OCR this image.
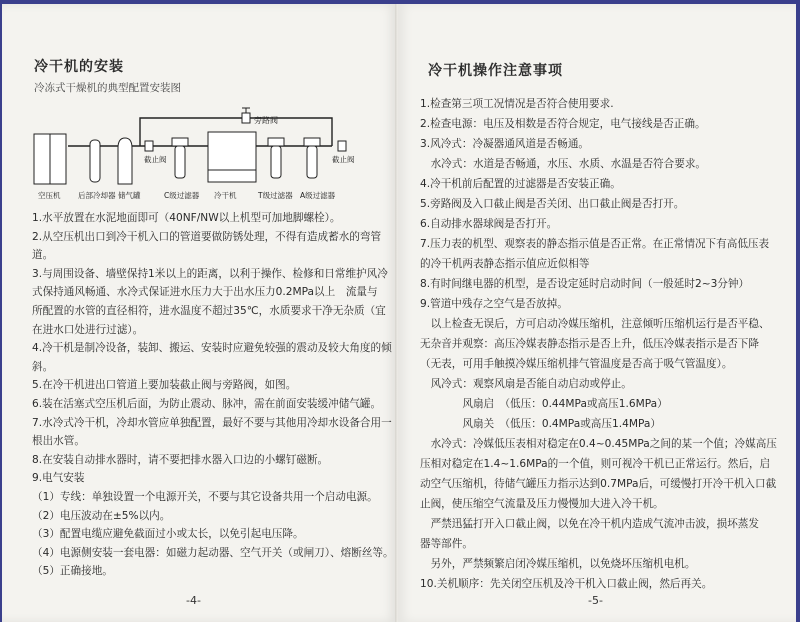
冷干机的安装
冷冻式干燥机的典型配置安装图
旁路阀
截止阀	截止阀
空压机 后部冷却器 储气罐	C级过滤器 冷干机	T级过滤器 A级过滤器
1.水平放置在水泥地面即可（40NF/NW以上机型可加地脚螺栓）。
2.从空压机出口到冷干机入口的管道要做防锈处理，不得有造成蓄水的弯管
道。
3.与周围设备、墙壁保持1米以上的距离，以利于操作、检修和日常维护风冷
式保持通风畅通、水冷式保证进水压力大于出水压力0.2MPa以上　流量与
所配置的水管的直径相符，进水温度不超过35℃，水质要求干净无杂质（宜
在进水口处进行过滤）。
4.冷干机是制冷设备，装卸、搬运、安装时应避免较强的震动及较大角度的倾
斜。
5.在冷干机进出口管道上要加装截止阀与旁路阀，如图。
6.装在活塞式空压机后面，为防止震动、脉冲，需在前面安装缓冲储气罐。
7.水冷式冷干机，冷却水管应单独配置，最好不要与其他用冷却水设备合用一
根出水管。
8.在安装自动排水器时，请不要把排水器入口边的小螺钉磁断。
9.电气安装
（1）专线：单独设置一个电源开关，不要与其它设备共用一个启动电源。
（2）电压波动在±5%以内。
（3）配置电缆应避免截面过小或太长，以免引起电压降。
（4）电源侧安装一套电器：如磁力起动器、空气开关（或闸刀）、熔断丝等。
（5）正确接地。
-4-
冷干机操作注意事项
1.检查第三项工况情况是否符合使用要求.
2.检查电源：电压及相数是否符合规定，电气接线是否正确。
3.风冷式：冷凝器通风道是否畅通。
　水冷式：水道是否畅通，水压、水质、水温是否符合要求。
4.冷干机前后配置的过滤器是否安装正确。
5.旁路阀及入口截止阀是否关闭、出口截止阀是否打开。
6.自动排水器球阀是否打开。
7.压力表的机型、观察表的静态指示值是否正常。在正常情况下有高低压表
的冷干机两表静态指示值应近似相等
8.有时间继电器的机型，是否设定延时启动时间（一般延时2~3分钟）
9.管道中残存之空气是否放掉。
　以上检查无误后，方可启动冷媒压缩机，注意倾听压缩机运行是否平稳、
无杂音并观察：高压冷媒表静态指示是否上升，低压冷媒表指示是否下降
（无表，可用手触摸冷媒压缩机排气管温度是否高于吸气管温度）。
　风冷式：观察风扇是否能自动启动或停止。
　　　　风扇启　（低压：0.44MPa或高压1.6MPa）
　　　　风扇关　（低压：0.4MPa或高压1.4MPa）
　水冷式：冷媒低压表相对稳定在0.4~0.45MPa之间的某一个值；冷媒高压
压相对稳定在1.4~1.6MPa的一个值，则可视冷干机已正常运行。然后，启
动空气压缩机，待储气罐压力指示达到0.7MPa后，可缓慢打开冷干机入口截
止阀，使压缩空气流量及压力慢慢加大进入冷干机。
　严禁迅猛打开入口截止阀，以免在冷干机内造成气流冲击波，损坏蒸发
器等部件。
　另外，严禁频繁启闭冷媒压缩机，以免烧坏压缩机电机。
10.关机顺序：先关闭空压机及冷干机入口截止阀，然后再关。
-5-
